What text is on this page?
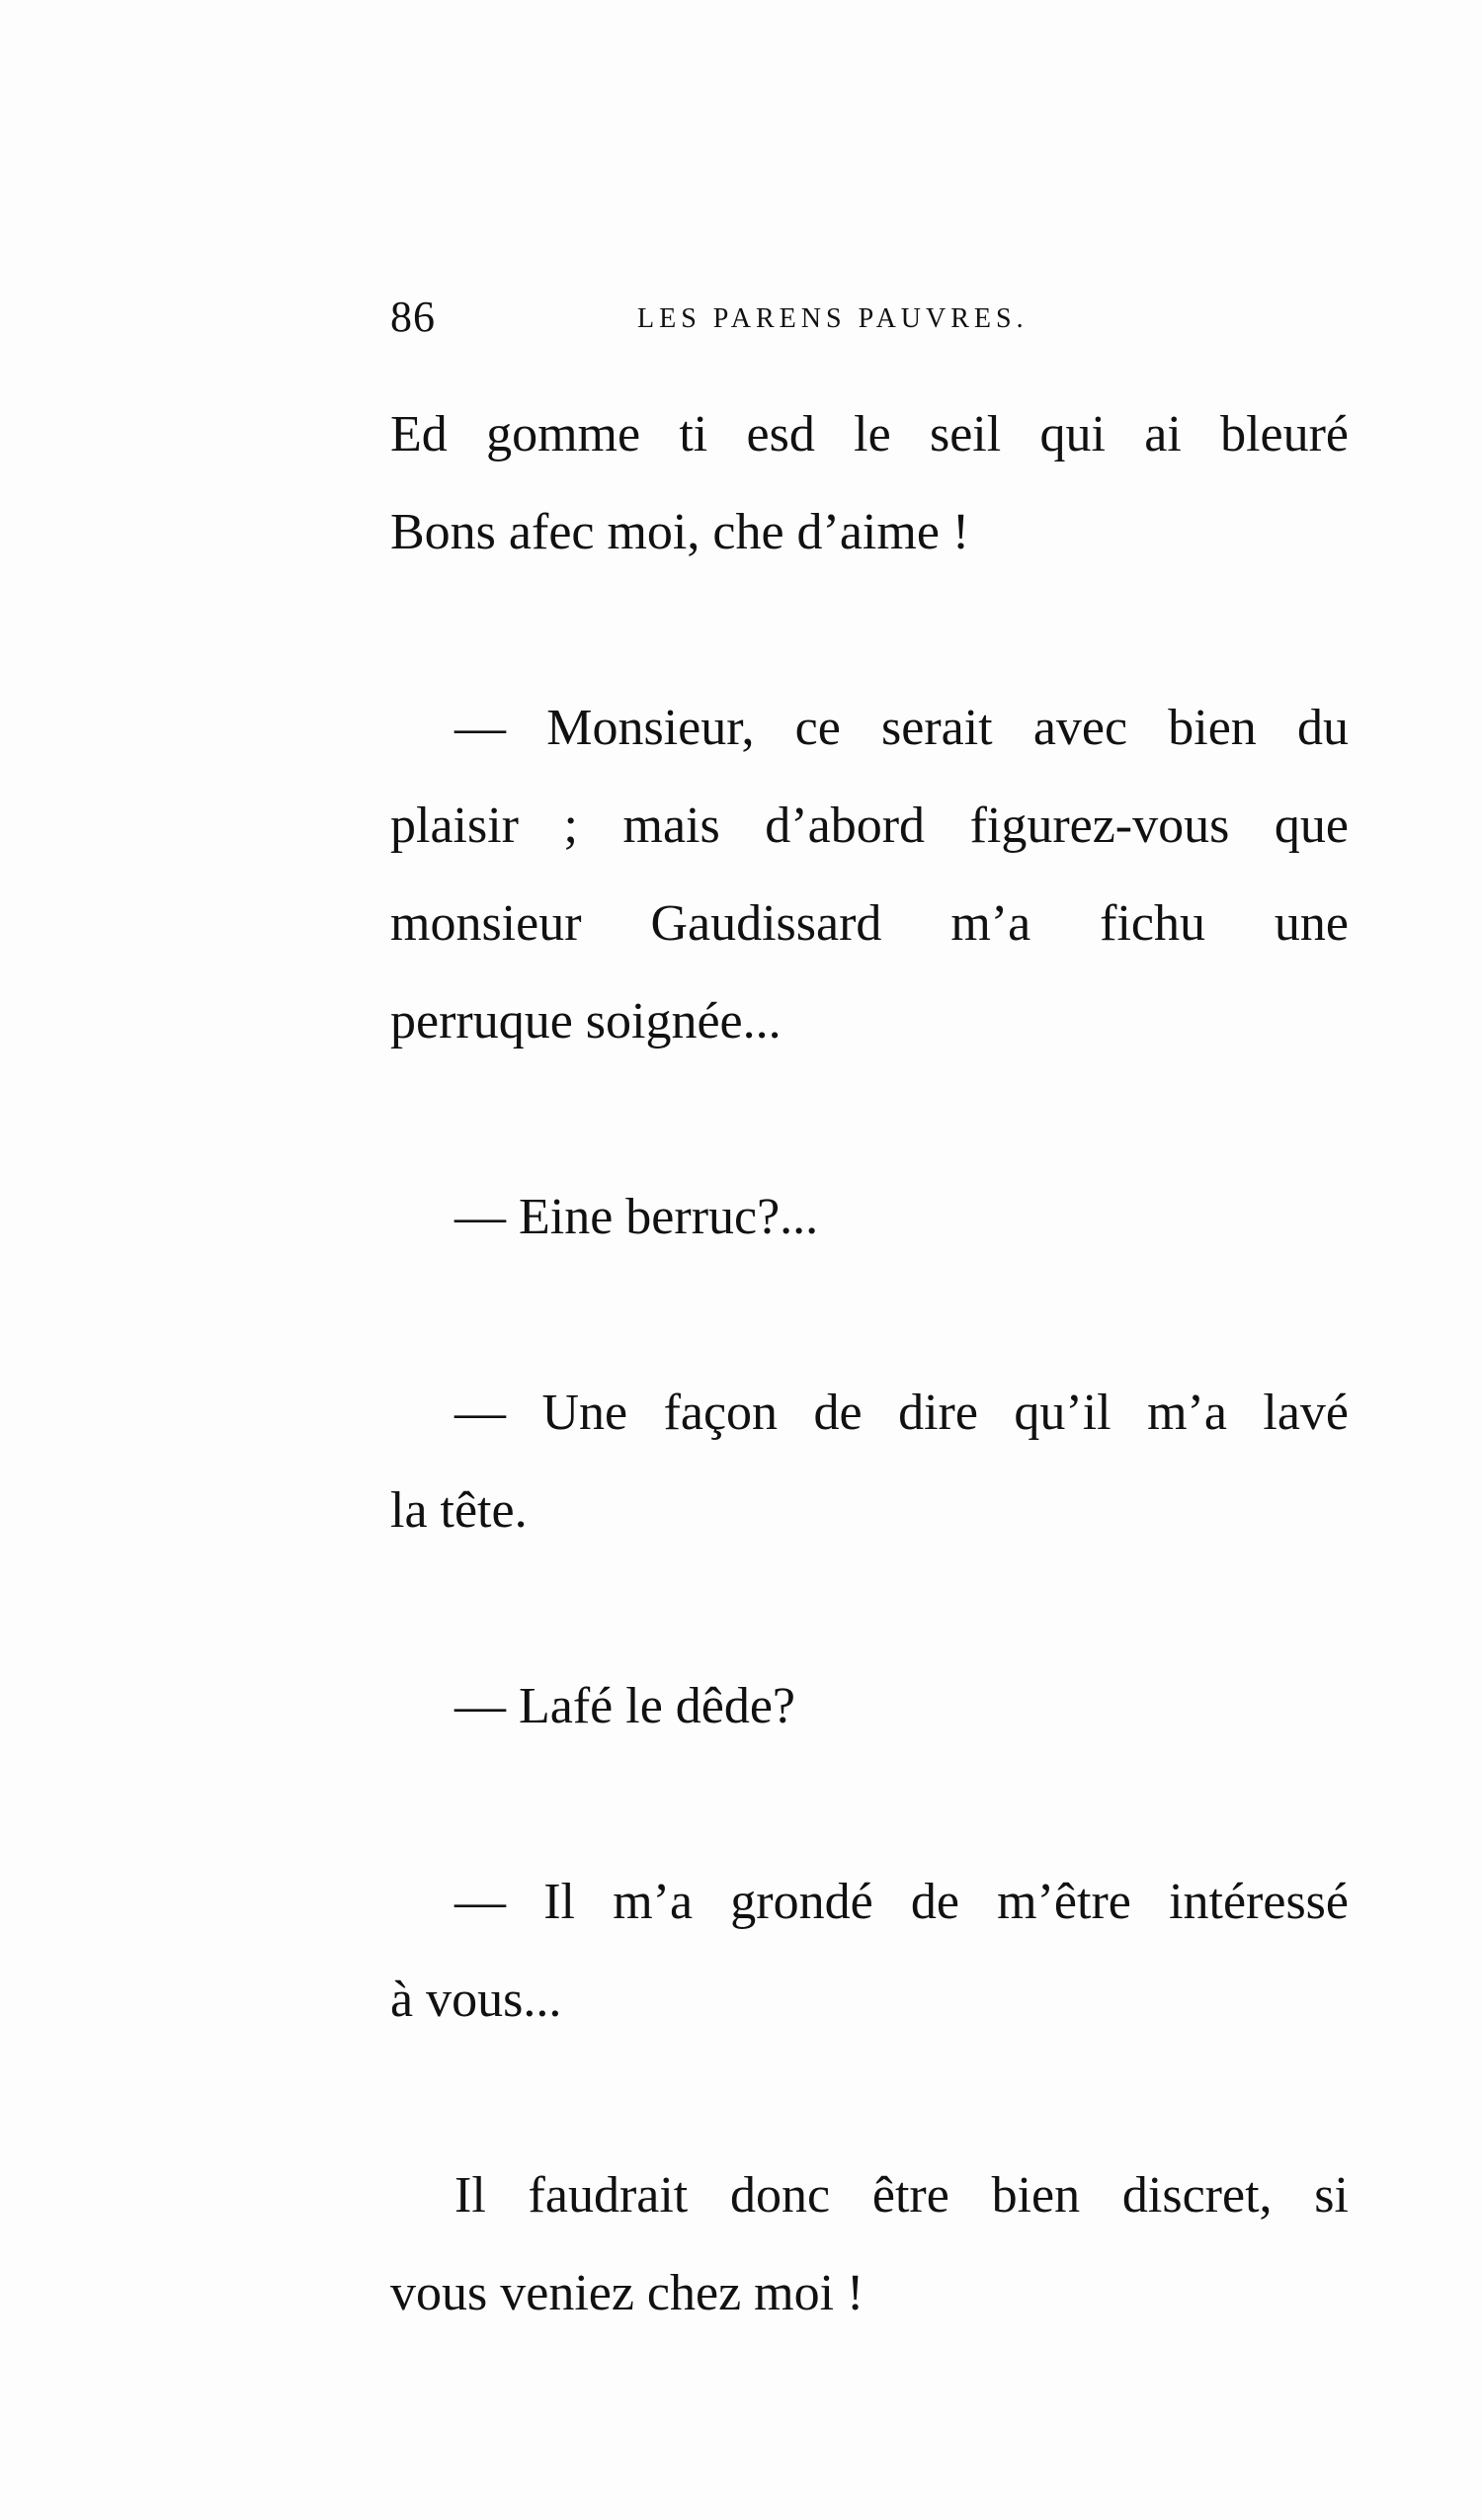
86	LES PARENS PAUVRES.
Ed gomme ti esd le seil qui ai bleuré
Bons afec moi, che d’aime !
— Monsieur, ce serait avec bien du
plaisir ; mais d’abord figurez-vous que
monsieur Gaudissard m’a fichu une
perruque soignée...
— Eine berruc?...
— Une façon de dire qu’il m’a lavé
la tête.
— Lafé le dêde?
— Il m’a grondé de m’être intéressé
à vous...
Il faudrait donc être bien discret, si
vous veniez chez moi !
